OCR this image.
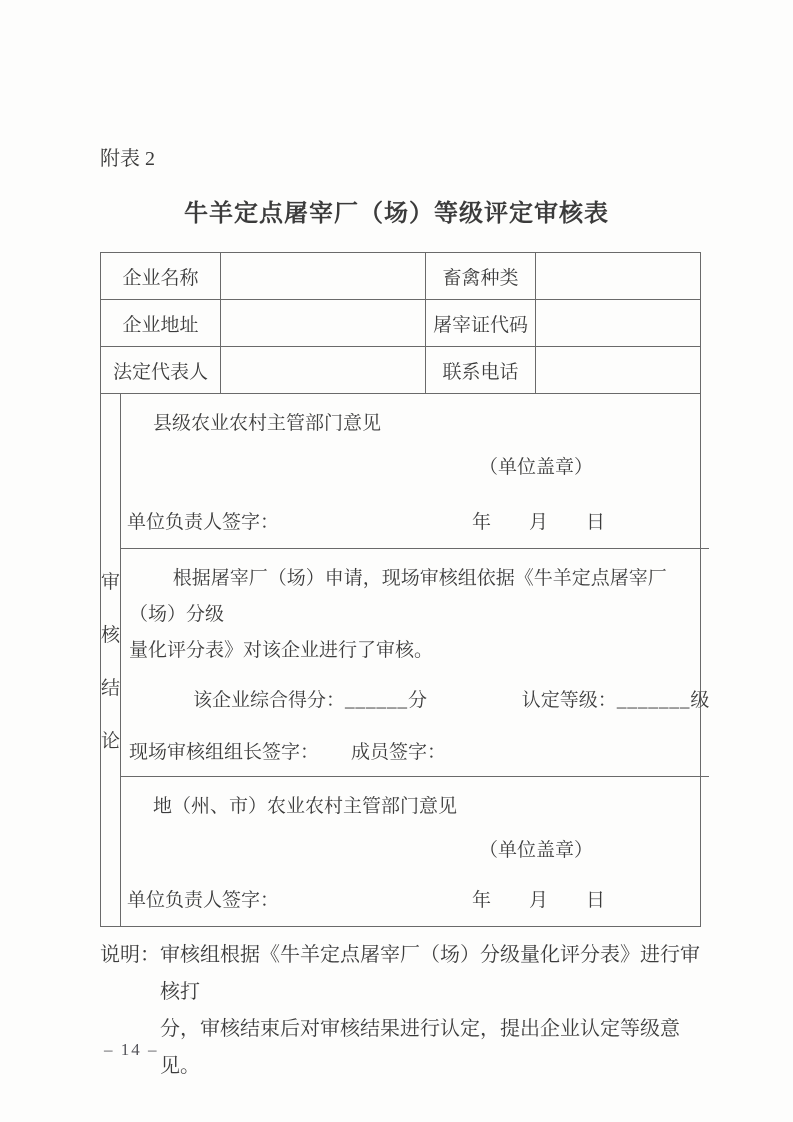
附表 2
牛羊定点屠宰厂（场）等级评定审核表
企业名称	畜禽种类
企业地址	屠宰证代码
法定代表人	联系电话
审
核
结
论
县级农业农村主管部门意见
（单位盖章）
单位负责人签字：	年　　月　　日
根据屠宰厂（场）申请，现场审核组依据《牛羊定点屠宰厂（场）分级
量化评分表》对该企业进行了审核。
该企业综合得分：______分	认定等级：_______级
现场审核组组长签字： 成员签字：
地（州、市）农业农村主管部门意见
（单位盖章）
单位负责人签字：	年　　月　　日
说明： 审核组根据《牛羊定点屠宰厂（场）分级量化评分表》进行审核打
分，审核结束后对审核结果进行认定，提出企业认定等级意见。
– 14 –
